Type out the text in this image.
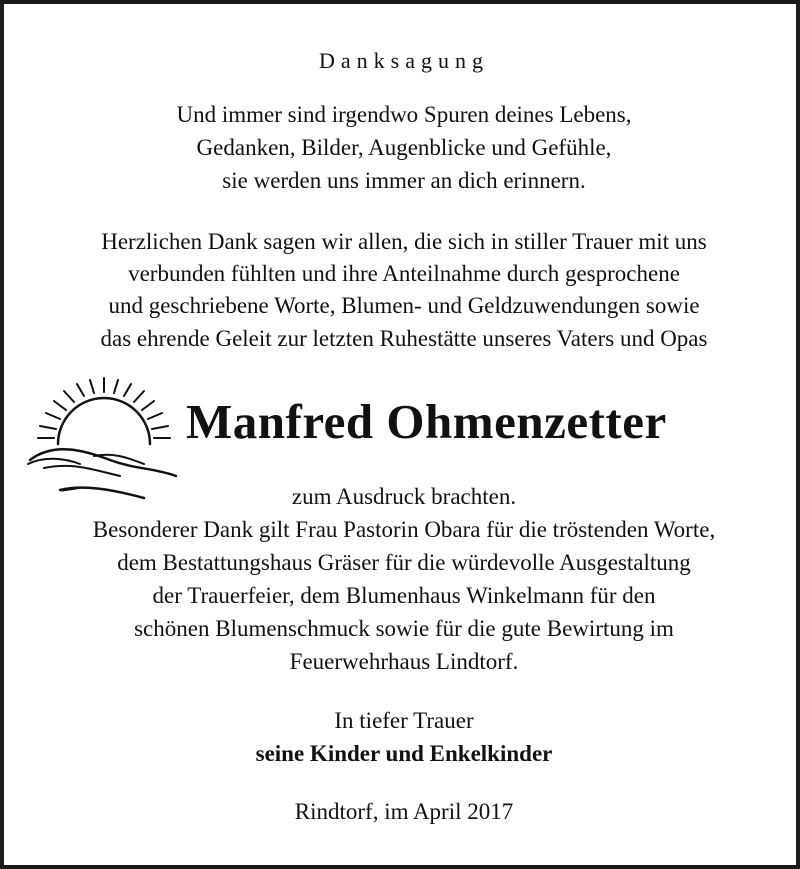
Danksagung
Und immer sind irgendwo Spuren deines Lebens,
Gedanken, Bilder, Augenblicke und Gefühle,
sie werden uns immer an dich erinnern.
Herzlichen Dank sagen wir allen, die sich in stiller Trauer mit uns
verbunden fühlten und ihre Anteilnahme durch gesprochene
und geschriebene Worte, Blumen- und Geldzuwendungen sowie
das ehrende Geleit zur letzten Ruhestätte unseres Vaters und Opas
Manfred Ohmenzetter
zum Ausdruck brachten.
Besonderer Dank gilt Frau Pastorin Obara für die tröstenden Worte,
dem Bestattungshaus Gräser für die würdevolle Ausgestaltung
der Trauerfeier, dem Blumenhaus Winkelmann für den
schönen Blumenschmuck sowie für die gute Bewirtung im
Feuerwehrhaus Lindtorf.
In tiefer Trauer
seine Kinder und Enkelkinder
Rindtorf, im April 2017
